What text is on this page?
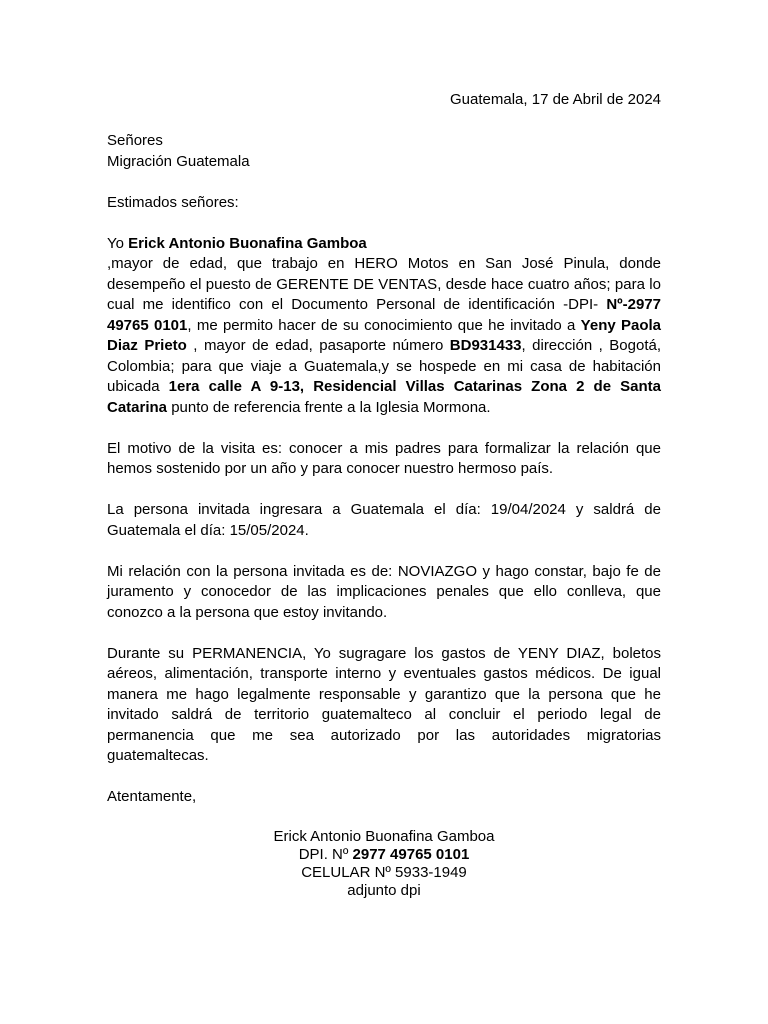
Guatemala, 17 de Abril de 2024

Señores

Migración Guatemala

Estimados señores:

Yo Erick Antonio Buonafina Gamboa

,mayor de edad, que trabajo en HERO Motos en San José Pinula, donde desempeño el puesto de GERENTE DE VENTAS, desde hace cuatro años; para lo cual me identifico con el Documento Personal de identificación -DPI- Nº-2977 49765 0101, me permito hacer de su conocimiento que he invitado a Yeny Paola Diaz Prieto , mayor de edad, pasaporte número BD931433, dirección , Bogotá, Colombia; para que viaje a Guatemala,y se hospede en mi casa de habitación ubicada 1era calle A 9-13, Residencial Villas Catarinas Zona 2 de Santa Catarina punto de referencia frente a la Iglesia Mormona.

El motivo de la visita es: conocer a mis padres para formalizar la relación que hemos sostenido por un año y para conocer nuestro hermoso país.

La persona invitada ingresara a Guatemala el día: 19/04/2024 y saldrá de Guatemala el día: 15/05/2024.

Mi relación con la persona invitada es de: NOVIAZGO y hago constar, bajo fe de juramento y conocedor de las implicaciones penales que ello conlleva, que conozco a la persona que estoy invitando.

Durante su PERMANENCIA, Yo sugragare los gastos de YENY DIAZ, boletos aéreos, alimentación, transporte interno y eventuales gastos médicos. De igual manera me hago legalmente responsable y garantizo que la persona que he invitado saldrá de territorio guatemalteco al concluir el periodo legal de permanencia que me sea autorizado por las autoridades migratorias guatemaltecas.

Atentamente,

Erick Antonio Buonafina Gamboa

DPI. Nº 2977 49765 0101

CELULAR Nº 5933-1949

adjunto dpi
